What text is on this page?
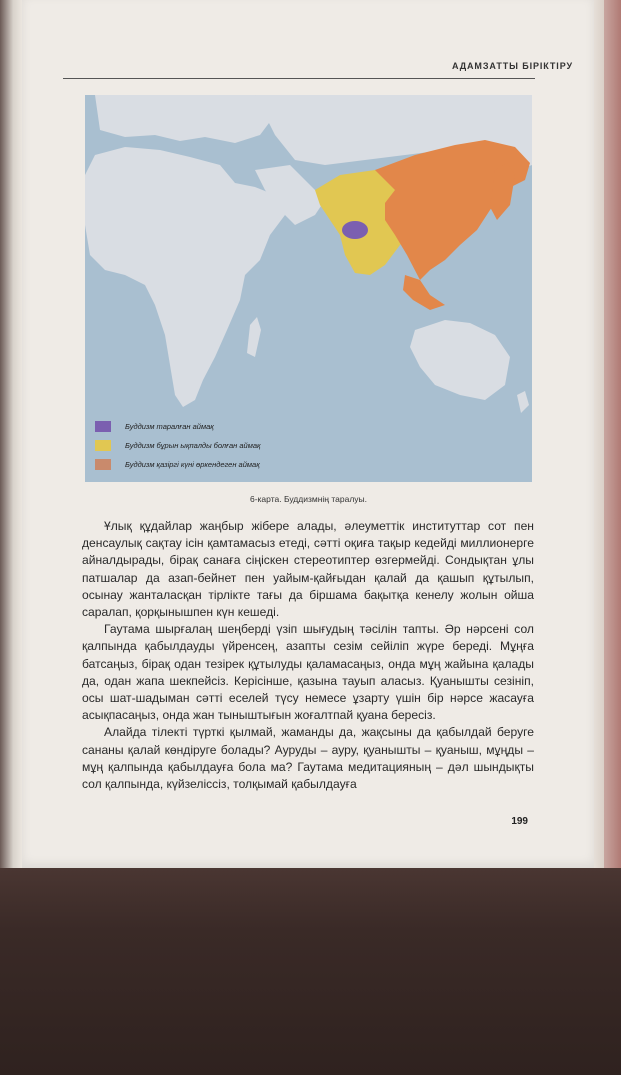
АДАМЗАТТЫ БІРІКТІРУ
Буддизм таралған аймақ
Буддизм бұрын ықпалды болған аймақ
Буддизм қазіргі күні өркендеген аймақ
6-карта. Буддизмнің таралуы.

Ұлық құдайлар жаңбыр жібере алады, әлеуметтік институттар сот пен денсаулық сақтау ісін қамтамасыз етеді, сәтті оқиға тақыр кедейді миллионерге айналдырады, бірақ санаға сіңіскен стереотиптер өзгермейді. Сондықтан ұлы патшалар да азап-бейнет пен уайым-қайғыдан қалай да қашып құтылып, осынау жанталасқан тірлікте тағы да біршама бақытқа кенелу жолын ойша саралап, қорқынышпен күн кешеді.

Гаутама шырғалаң шеңберді үзіп шығудың тәсілін тапты. Әр нәрсені сол қалпында қабылдауды үйренсең, азапты сезім сейіліп жүре береді. Мұңға батсаңыз, бірақ одан тезірек құтылуды қаламасаңыз, онда мұң жайына қалады да, одан жапа шекпейсіз. Керісінше, қазына тауып аласыз. Қуанышты сезініп, осы шат-шадыман сәтті еселей түсу немесе ұзарту үшін бір нәрсе жасауға асықпасаңыз, онда жан тыныштығын жоғалтпай қуана бересіз.

Алайда тілекті түрткі қылмай, жаманды да, жақсыны да қабылдай беруге сананы қалай көндіруге болады? Ауруды – ауру, қуанышты – қуаныш, мұңды – мұң қалпында қабылдауға бола ма? Гаутама медитацияның – дәл шындықты сол қалпында, күйзеліссіз, толқымай қабылдауға

199
